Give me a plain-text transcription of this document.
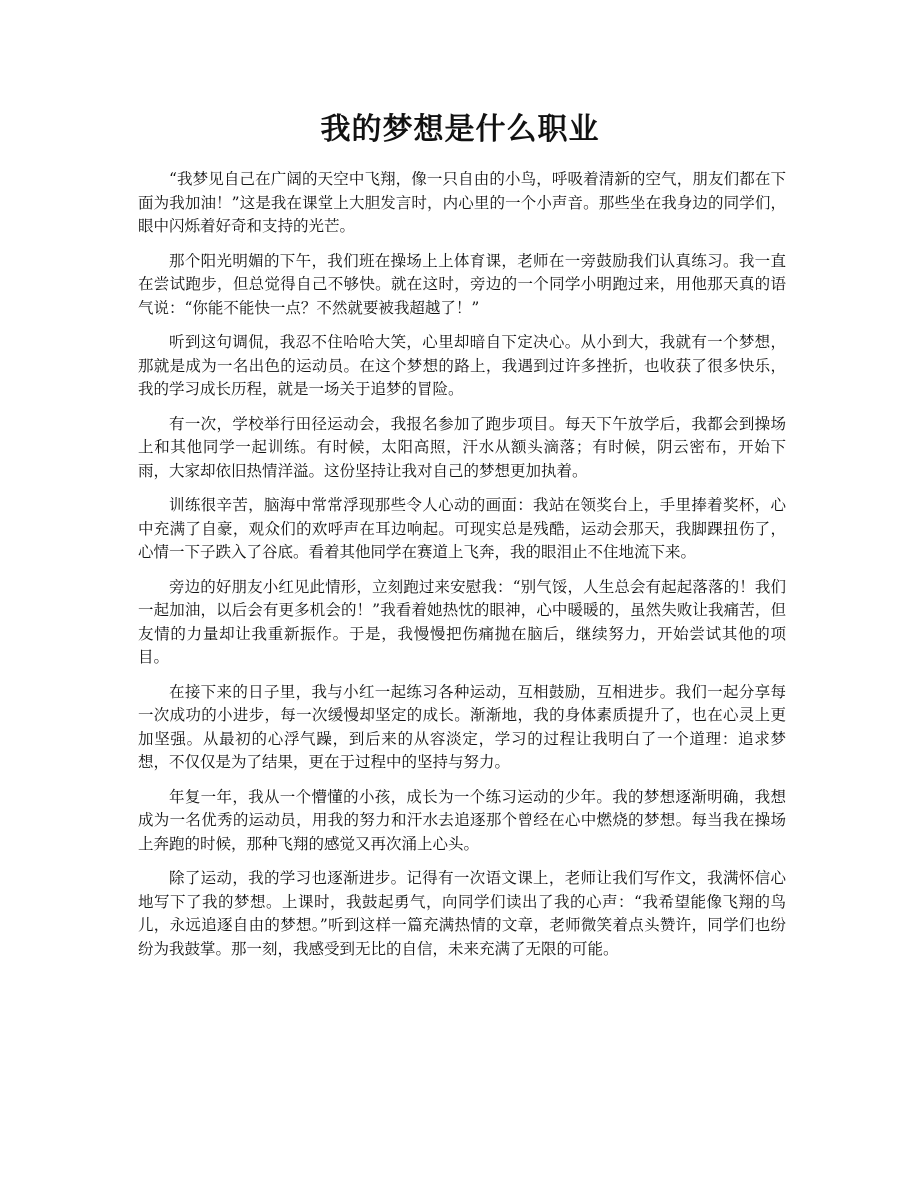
我的梦想是什么职业

“我梦见自己在广阔的天空中飞翔，像一只自由的小鸟，呼吸着清新的空气，朋友们都在下面为我加油！”这是我在课堂上大胆发言时，内心里的一个小声音。那些坐在我身边的同学们，眼中闪烁着好奇和支持的光芒。

那个阳光明媚的下午，我们班在操场上上体育课，老师在一旁鼓励我们认真练习。我一直在尝试跑步，但总觉得自己不够快。就在这时，旁边的一个同学小明跑过来，用他那天真的语气说：“你能不能快一点？不然就要被我超越了！”

听到这句调侃，我忍不住哈哈大笑，心里却暗自下定决心。从小到大，我就有一个梦想，那就是成为一名出色的运动员。在这个梦想的路上，我遇到过许多挫折，也收获了很多快乐，我的学习成长历程，就是一场关于追梦的冒险。

有一次，学校举行田径运动会，我报名参加了跑步项目。每天下午放学后，我都会到操场上和其他同学一起训练。有时候，太阳高照，汗水从额头滴落；有时候，阴云密布，开始下雨，大家却依旧热情洋溢。这份坚持让我对自己的梦想更加执着。

训练很辛苦，脑海中常常浮现那些令人心动的画面：我站在领奖台上，手里捧着奖杯，心中充满了自豪，观众们的欢呼声在耳边响起。可现实总是残酷，运动会那天，我脚踝扭伤了，心情一下子跌入了谷底。看着其他同学在赛道上飞奔，我的眼泪止不住地流下来。

旁边的好朋友小红见此情形，立刻跑过来安慰我：“别气馁，人生总会有起起落落的！我们一起加油，以后会有更多机会的！”我看着她热忱的眼神，心中暖暖的，虽然失败让我痛苦，但友情的力量却让我重新振作。于是，我慢慢把伤痛抛在脑后，继续努力，开始尝试其他的项目。

在接下来的日子里，我与小红一起练习各种运动，互相鼓励，互相进步。我们一起分享每一次成功的小进步，每一次缓慢却坚定的成长。渐渐地，我的身体素质提升了，也在心灵上更加坚强。从最初的心浮气躁，到后来的从容淡定，学习的过程让我明白了一个道理：追求梦想，不仅仅是为了结果，更在于过程中的坚持与努力。

年复一年，我从一个懵懂的小孩，成长为一个练习运动的少年。我的梦想逐渐明确，我想成为一名优秀的运动员，用我的努力和汗水去追逐那个曾经在心中燃烧的梦想。每当我在操场上奔跑的时候，那种飞翔的感觉又再次涌上心头。

除了运动，我的学习也逐渐进步。记得有一次语文课上，老师让我们写作文，我满怀信心地写下了我的梦想。上课时，我鼓起勇气，向同学们读出了我的心声：“我希望能像飞翔的鸟儿，永远追逐自由的梦想。”听到这样一篇充满热情的文章，老师微笑着点头赞许，同学们也纷纷为我鼓掌。那一刻，我感受到无比的自信，未来充满了无限的可能。
